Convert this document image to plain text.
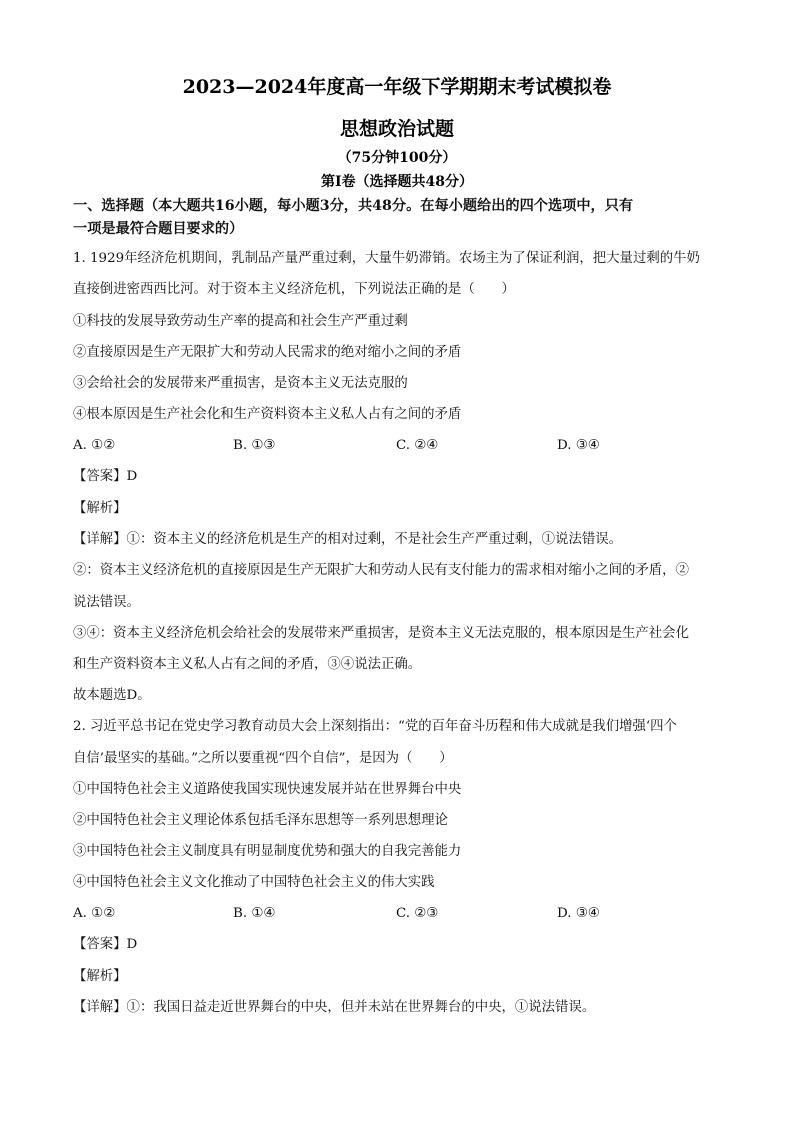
2023—2024年度高一年级下学期期末考试模拟卷
思想政治试题
（75分钟100分）
第I卷（选择题共48分）
一、选择题（本大题共16小题，每小题3分，共48分。在每小题给出的四个选项中，只有
一项是最符合题目要求的）
1. 1929年经济危机期间，乳制品产量严重过剩，大量牛奶滞销。农场主为了保证利润，把大量过剩的牛奶
直接倒进密西西比河。对于资本主义经济危机，下列说法正确的是（　　）
①科技的发展导致劳动生产率的提高和社会生产严重过剩
②直接原因是生产无限扩大和劳动人民需求的绝对缩小之间的矛盾
③会给社会的发展带来严重损害，是资本主义无法克服的
④根本原因是生产社会化和生产资料资本主义私人占有之间的矛盾
A. ①②	B. ①③	C. ②④	D. ③④
【答案】D
【解析】
【详解】①：资本主义的经济危机是生产的相对过剩，不是社会生产严重过剩，①说法错误。
②：资本主义经济危机的直接原因是生产无限扩大和劳动人民有支付能力的需求相对缩小之间的矛盾，②
说法错误。
③④：资本主义经济危机会给社会的发展带来严重损害，是资本主义无法克服的，根本原因是生产社会化
和生产资料资本主义私人占有之间的矛盾，③④说法正确。
故本题选D。
2. 习近平总书记在党史学习教育动员大会上深刻指出：“党的百年奋斗历程和伟大成就是我们增强‘四个
自信’最坚实的基础。”之所以要重视“四个自信”，是因为（　　）
①中国特色社会主义道路使我国实现快速发展并站在世界舞台中央
②中国特色社会主义理论体系包括毛泽东思想等一系列思想理论
③中国特色社会主义制度具有明显制度优势和强大的自我完善能力
④中国特色社会主义文化推动了中国特色社会主义的伟大实践
A. ①②	B. ①④	C. ②③	D. ③④
【答案】D
【解析】
【详解】①：我国日益走近世界舞台的中央，但并未站在世界舞台的中央，①说法错误。
